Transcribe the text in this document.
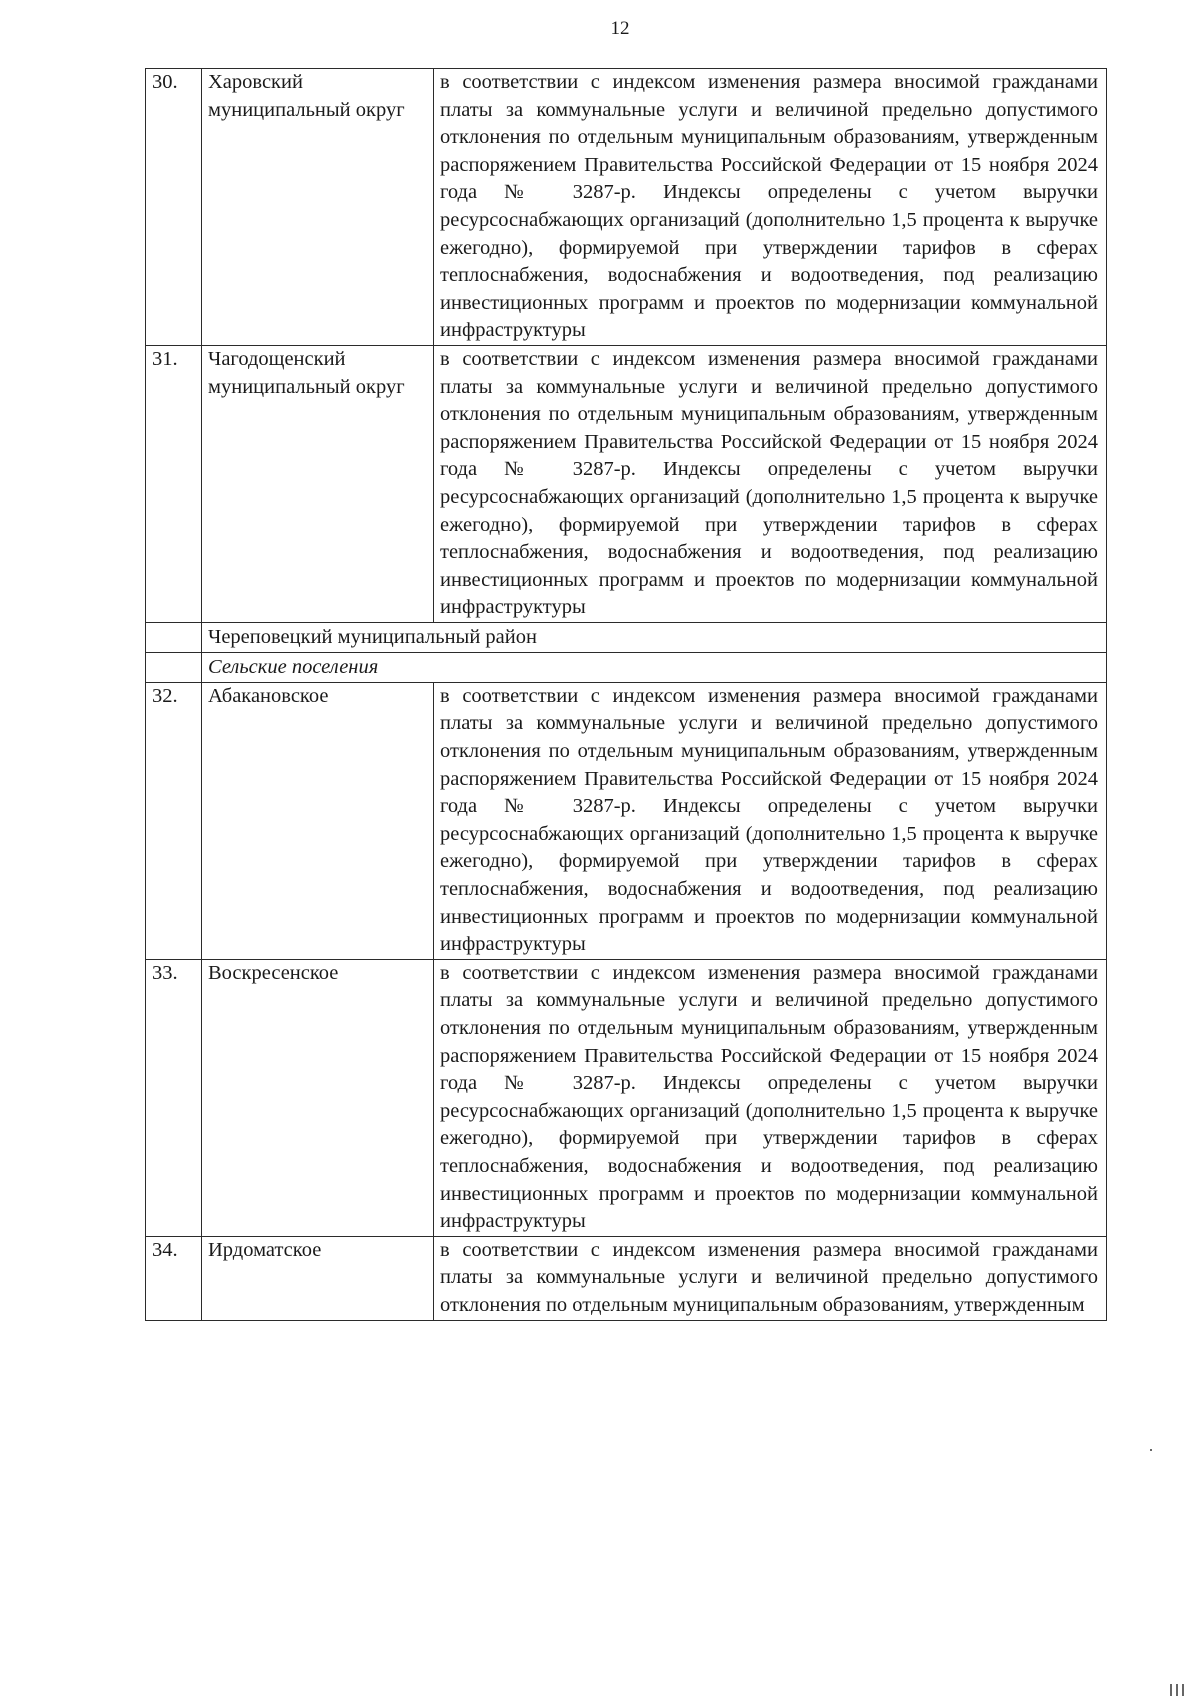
12
30.	Харовский муниципальный округ	в соответствии с индексом изменения размера вносимой гражданами платы за коммунальные услуги и величиной предельно допустимого отклонения по отдельным муниципальным образованиям, утвержденным распоряжением Правительства Российской Федерации от 15 ноября 2024 года № 3287-р. Индексы определены с учетом выручки ресурсоснабжающих организаций (дополнительно 1,5 процента к выручке ежегодно), формируемой при утверждении тарифов в сферах теплоснабжения, водоснабжения и водоотведения, под реализацию инвестиционных программ и проектов по модернизации коммунальной инфраструктуры
31.	Чагодощенский муниципальный округ	в соответствии с индексом изменения размера вносимой гражданами платы за коммунальные услуги и величиной предельно допустимого отклонения по отдельным муниципальным образованиям, утвержденным распоряжением Правительства Российской Федерации от 15 ноября 2024 года № 3287-р. Индексы определены с учетом выручки ресурсоснабжающих организаций (дополнительно 1,5 процента к выручке ежегодно), формируемой при утверждении тарифов в сферах теплоснабжения, водоснабжения и водоотведения, под реализацию инвестиционных программ и проектов по модернизации коммунальной инфраструктуры
	Череповецкий муниципальный район	
	Сельские поселения	
32.	Абакановское	в соответствии с индексом изменения размера вносимой гражданами платы за коммунальные услуги и величиной предельно допустимого отклонения по отдельным муниципальным образованиям, утвержденным распоряжением Правительства Российской Федерации от 15 ноября 2024 года № 3287-р. Индексы определены с учетом выручки ресурсоснабжающих организаций (дополнительно 1,5 процента к выручке ежегодно), формируемой при утверждении тарифов в сферах теплоснабжения, водоснабжения и водоотведения, под реализацию инвестиционных программ и проектов по модернизации коммунальной инфраструктуры
33.	Воскресенское	в соответствии с индексом изменения размера вносимой гражданами платы за коммунальные услуги и величиной предельно допустимого отклонения по отдельным муниципальным образованиям, утвержденным распоряжением Правительства Российской Федерации от 15 ноября 2024 года № 3287-р. Индексы определены с учетом выручки ресурсоснабжающих организаций (дополнительно 1,5 процента к выручке ежегодно), формируемой при утверждении тарифов в сферах теплоснабжения, водоснабжения и водоотведения, под реализацию инвестиционных программ и проектов по модернизации коммунальной инфраструктуры
34.	Ирдоматское	в соответствии с индексом изменения размера вносимой гражданами платы за коммунальные услуги и величиной предельно допустимого отклонения по отдельным муниципальным образованиям, утвержденным
